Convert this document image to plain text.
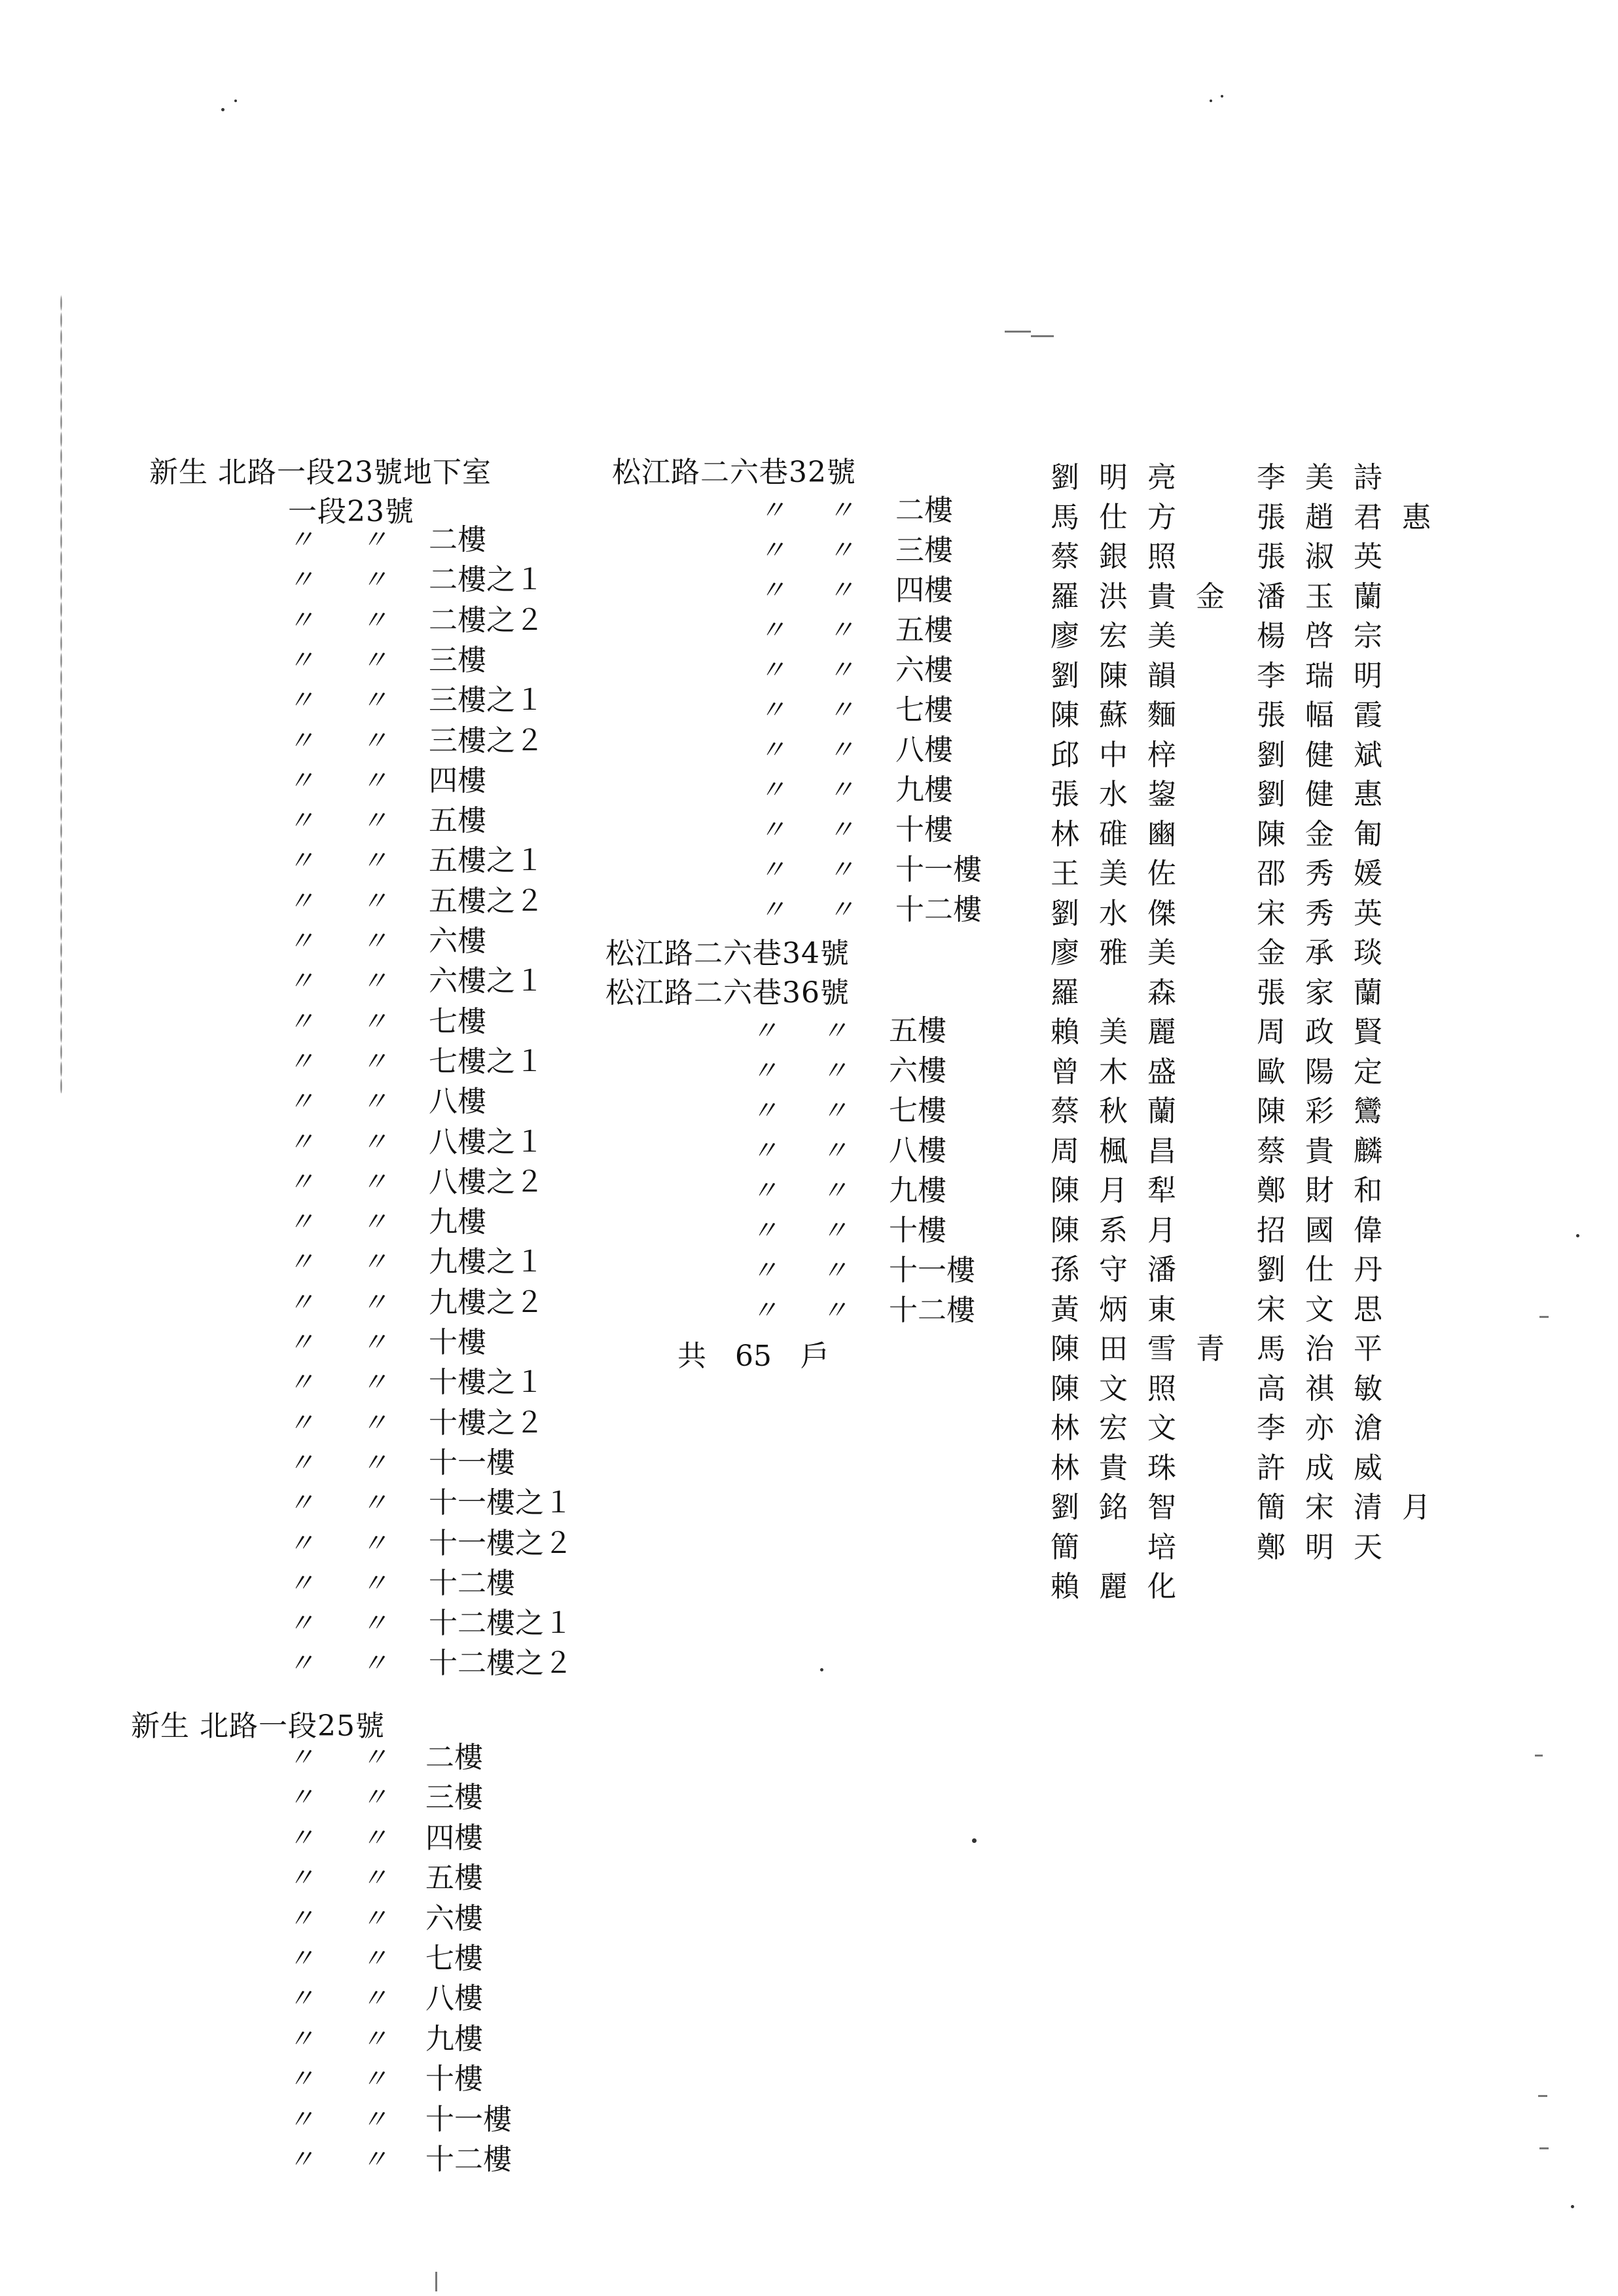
新生 北路一段23號地下室
一段23號
〃 〃 二樓
〃 〃 二樓之１
〃 〃 二樓之２
〃 〃 三樓
〃 〃 三樓之１
〃 〃 三樓之２
〃 〃 四樓
〃 〃 五樓
〃 〃 五樓之１
〃 〃 五樓之２
〃 〃 六樓
〃 〃 六樓之１
〃 〃 七樓
〃 〃 七樓之１
〃 〃 八樓
〃 〃 八樓之１
〃 〃 八樓之２
〃 〃 九樓
〃 〃 九樓之１
〃 〃 九樓之２
〃 〃 十樓
〃 〃 十樓之１
〃 〃 十樓之２
〃 〃 十一樓
〃 〃 十一樓之１
〃 〃 十一樓之２
〃 〃 十二樓
〃 〃 十二樓之１
〃 〃 十二樓之２
新生 北路一段25號
〃 〃 二樓
〃 〃 三樓
〃 〃 四樓
〃 〃 五樓
〃 〃 六樓
〃 〃 七樓
〃 〃 八樓
〃 〃 九樓
〃 〃 十樓
〃 〃 十一樓
〃 〃 十二樓
松江路二六巷32號
〃 〃 二樓
〃 〃 三樓
〃 〃 四樓
〃 〃 五樓
〃 〃 六樓
〃 〃 七樓
〃 〃 八樓
〃 〃 九樓
〃 〃 十樓
〃 〃 十一樓
〃 〃 十二樓
松江路二六巷34號
松江路二六巷36號
〃 〃 五樓
〃 〃 六樓
〃 〃 七樓
〃 〃 八樓
〃 〃 九樓
〃 〃 十樓
〃 〃 十一樓
〃 〃 十二樓
共　65　戶
劉明亮
馬仕方
蔡銀照
羅洪貴金
廖宏美
劉陳韻
陳蘇麵
邱中梓
張水鋆
林碓豳
王美佐
劉水傑
廖雅美
羅　森
賴美麗
曾木盛
蔡秋蘭
周楓昌
陳月犁
陳系月
孫守潘
黃炳東
陳田雪青
陳文照
林宏文
林貴珠
劉銘智
簡　培
賴麗化
李美詩
張趙君惠
張淑英
潘玉蘭
楊啓宗
李瑞明
張幅霞
劉健斌
劉健惠
陳金匍
邵秀媛
宋秀英
金承琰
張家蘭
周政賢
歐陽定
陳彩鸞
蔡貴麟
鄭財和
招國偉
劉仕丹
宋文思
馬治平
高祺敏
李亦滄
許成威
簡宋清月
鄭明天
